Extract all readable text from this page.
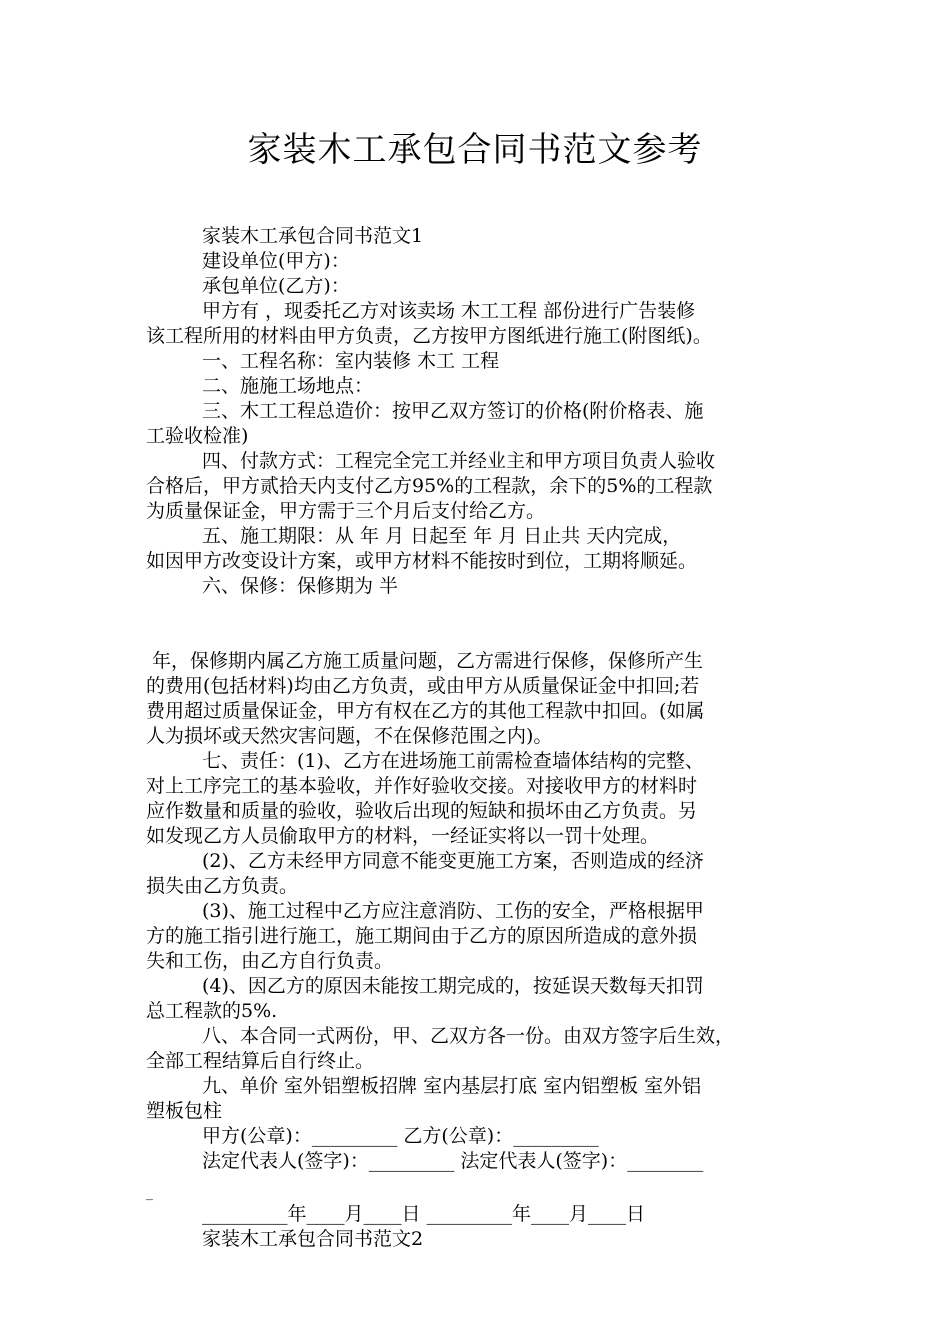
家装木工承包合同书范文参考

家装木工承包合同书范文1

建设单位(甲方)：

承包单位(乙方)：

甲方有 ，现委托乙方对该卖场 木工工程 部份进行广告装修

该工程所用的材料由甲方负责，乙方按甲方图纸进行施工(附图纸)。

一、工程名称：室内装修 木工 工程

二、施施工场地点：

三、木工工程总造价：按甲乙双方签订的价格(附价格表、施

工验收检准)

四、付款方式：工程完全完工并经业主和甲方项目负责人验收

合格后，甲方贰拾天内支付乙方95%的工程款，余下的5%的工程款

为质量保证金，甲方需于三个月后支付给乙方。

五、施工期限：从 年 月 日起至 年 月 日止共 天内完成，

如因甲方改变设计方案，或甲方材料不能按时到位，工期将顺延。

六、保修：保修期为 半

年，保修期内属乙方施工质量问题，乙方需进行保修，保修所产生

的费用(包括材料)均由乙方负责，或由甲方从质量保证金中扣回;若

费用超过质量保证金，甲方有权在乙方的其他工程款中扣回。(如属

人为损坏或天然灾害问题，不在保修范围之内)。

七、责任：(1)、乙方在进场施工前需检查墙体结构的完整、

对上工序完工的基本验收，并作好验收交接。对接收甲方的材料时

应作数量和质量的验收，验收后出现的短缺和损坏由乙方负责。另

如发现乙方人员偷取甲方的材料，一经证实将以一罚十处理。

(2)、乙方未经甲方同意不能变更施工方案，否则造成的经济

损失由乙方负责。

(3)、施工过程中乙方应注意消防、工伤的安全，严格根据甲

方的施工指引进行施工，施工期间由于乙方的原因所造成的意外损

失和工伤，由乙方自行负责。

(4)、因乙方的原因未能按工期完成的，按延误天数每天扣罚

总工程款的5%.

八、本合同一式两份，甲、乙双方各一份。由双方签字后生效，

全部工程结算后自行终止。

九、单价 室外铝塑板招牌 室内基层打底 室内铝塑板 室外铝

塑板包柱

甲方(公章)：_________ 乙方(公章)：_________

法定代表人(签字)：_________ 法定代表人(签字)：________

_

_________年____月____日 _________年____月____日

家装木工承包合同书范文2
